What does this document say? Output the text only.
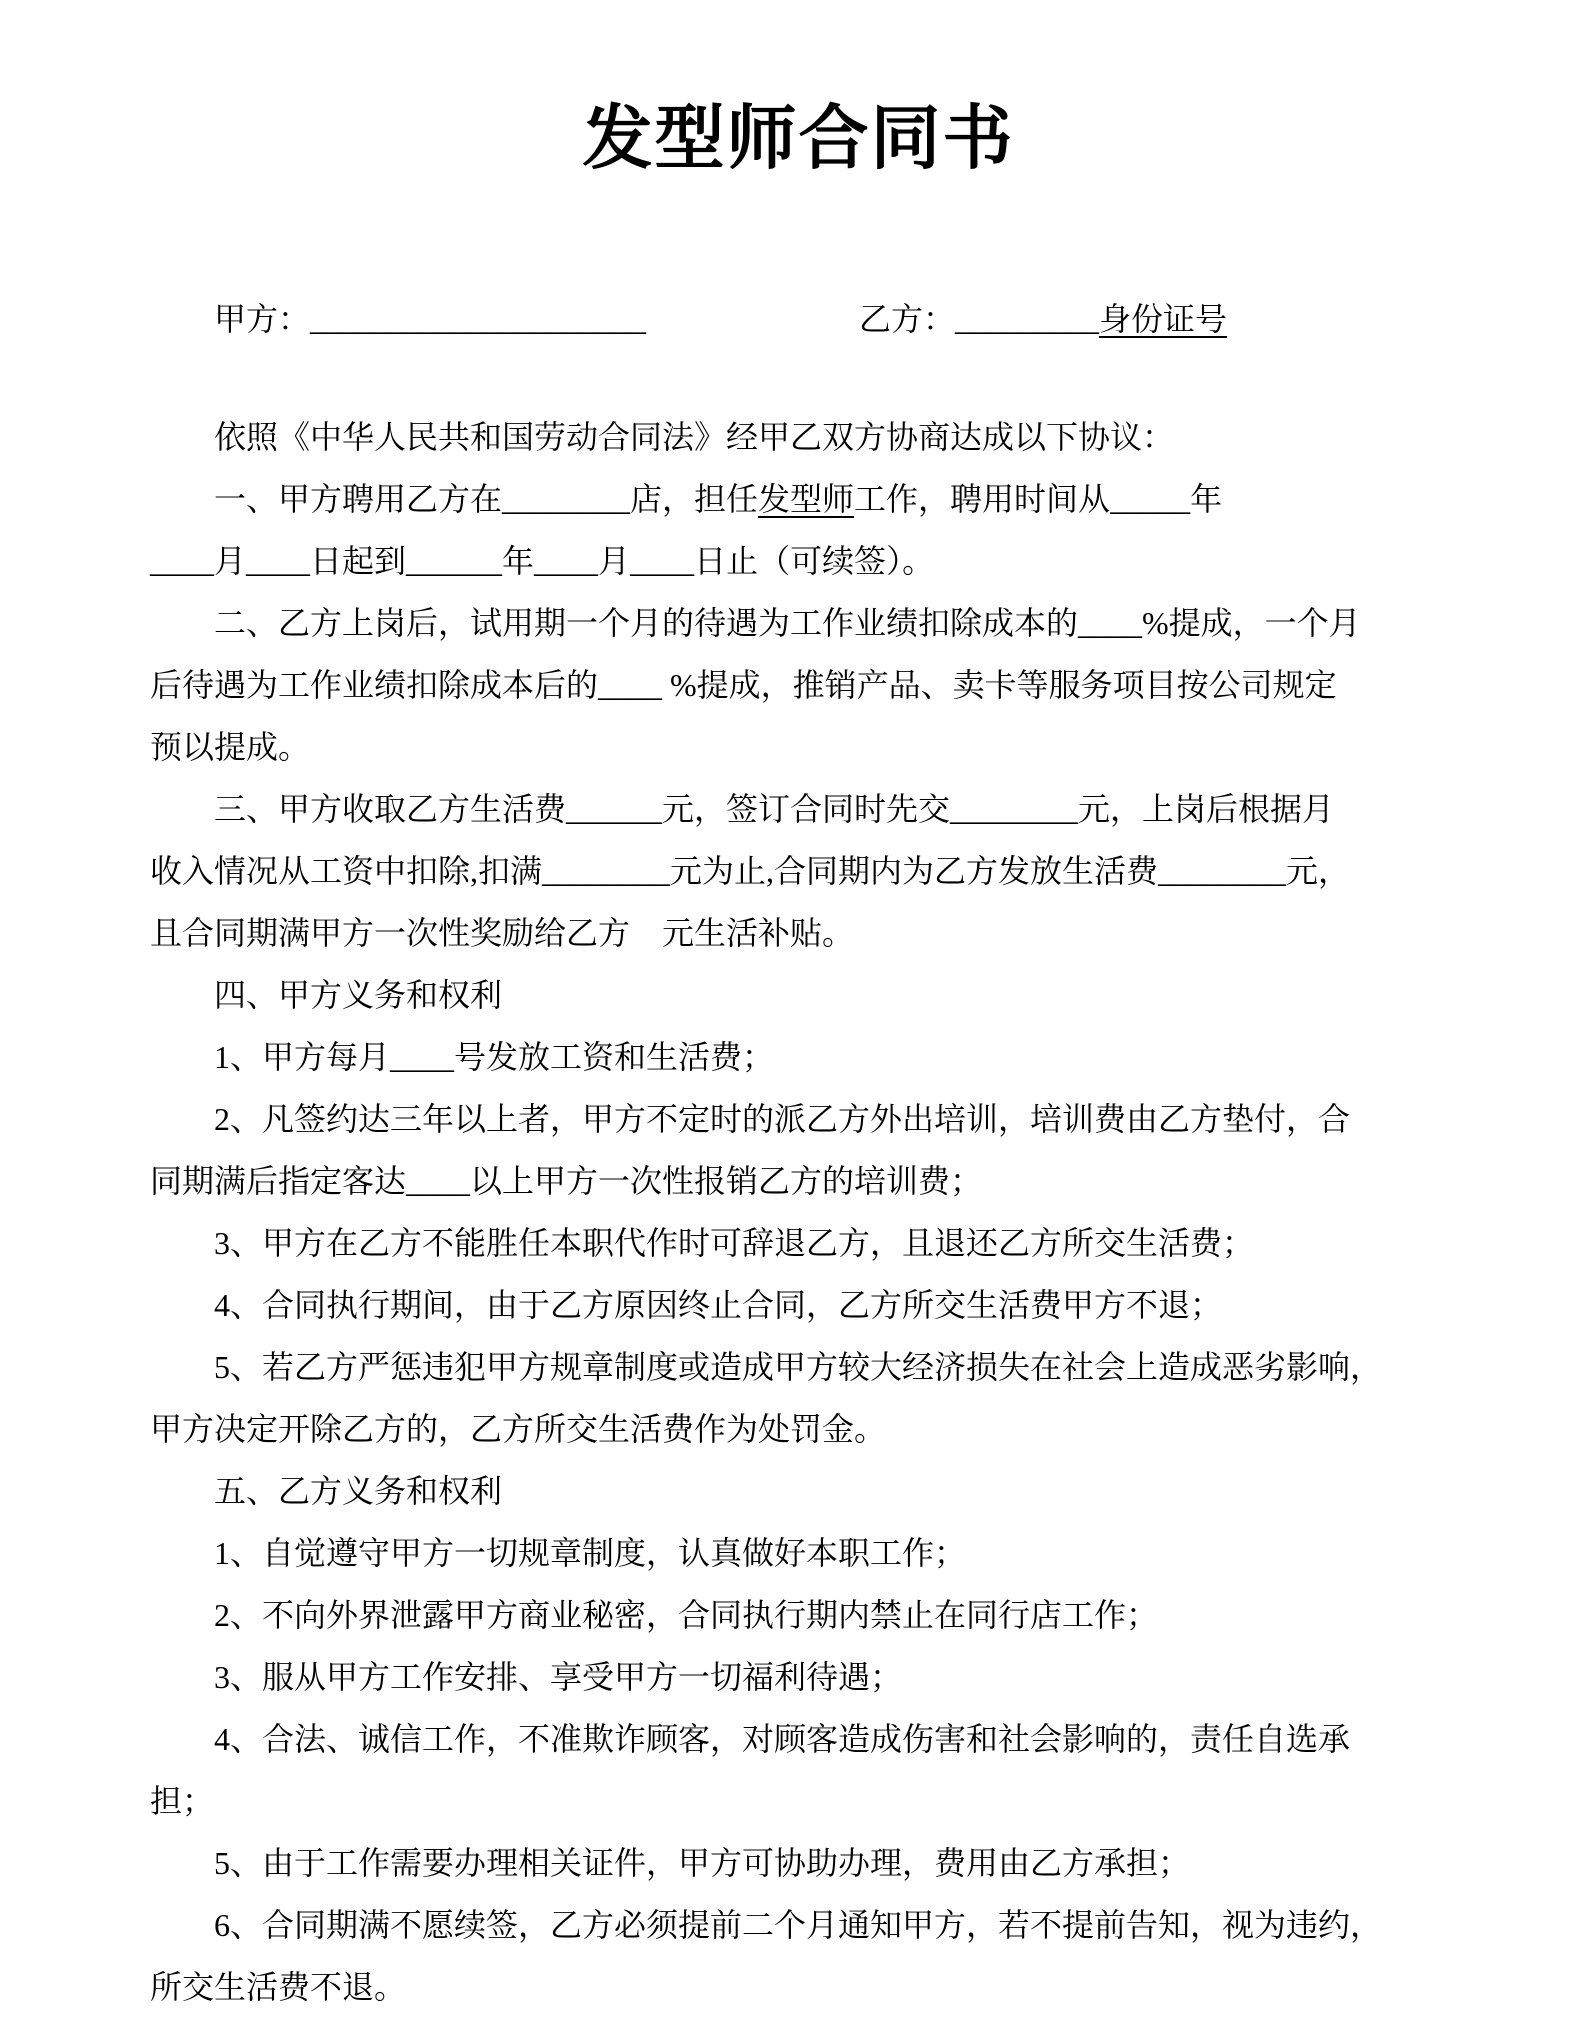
发型师合同书
甲方：_____________________	乙方：_________身份证号
依照《中华人民共和国劳动合同法》经甲乙双方协商达成以下协议：
一、甲方聘用乙方在________店，担任发型师工作，聘用时间从_____年
____月____日起到______年____月____日止（可续签）。
二、乙方上岗后，试用期一个月的待遇为工作业绩扣除成本的____%提成，一个月
后待遇为工作业绩扣除成本后的____ %提成，推销产品、卖卡等服务项目按公司规定
预以提成。
三、甲方收取乙方生活费______元，签订合同时先交________元，上岗后根据月
收入情况从工资中扣除,扣满________元为止,合同期内为乙方发放生活费________元，
且合同期满甲方一次性奖励给乙方　元生活补贴。
四、甲方义务和权利
1、甲方每月____号发放工资和生活费；
2、凡签约达三年以上者，甲方不定时的派乙方外出培训，培训费由乙方垫付，合
同期满后指定客达____以上甲方一次性报销乙方的培训费；
3、甲方在乙方不能胜任本职代作时可辞退乙方，且退还乙方所交生活费；
4、合同执行期间，由于乙方原因终止合同，乙方所交生活费甲方不退；
5、若乙方严惩违犯甲方规章制度或造成甲方较大经济损失在社会上造成恶劣影响，
甲方决定开除乙方的，乙方所交生活费作为处罚金。
五、乙方义务和权利
1、自觉遵守甲方一切规章制度，认真做好本职工作；
2、不向外界泄露甲方商业秘密，合同执行期内禁止在同行店工作；
3、服从甲方工作安排、享受甲方一切福利待遇；
4、合法、诚信工作，不准欺诈顾客，对顾客造成伤害和社会影响的，责任自选承
担；
5、由于工作需要办理相关证件，甲方可协助办理，费用由乙方承担；
6、合同期满不愿续签，乙方必须提前二个月通知甲方，若不提前告知，视为违约，
所交生活费不退。
